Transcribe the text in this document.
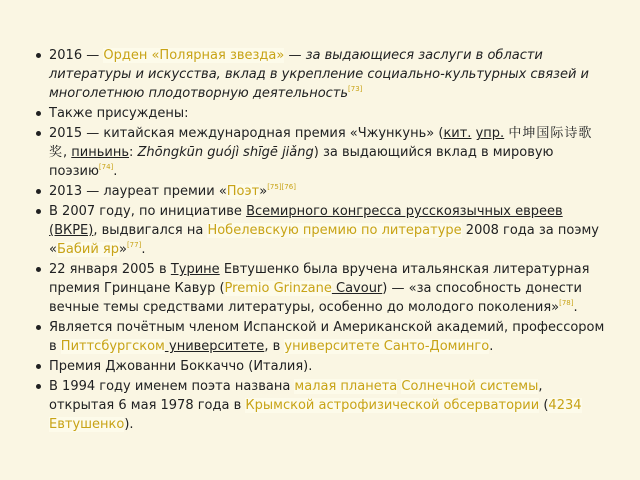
2016 — Орден «Полярная звезда» — за выдающиеся заслуги в области литературы и искусства, вклад в укрепление социально-культурных связей и многолетнюю плодотворную деятельность[73]
Также присуждены:
2015 — китайская международная премия «Чжункунь» (кит. упр. 中坤国际诗歌奖, пиньинь: Zhōngkūn guójì shīgē jiǎng) за выдающийся вклад в мировую поэзию[74].
2013 — лауреат премии «Поэт»[75][76]
В 2007 году, по инициативе Всемирного конгресса русскоязычных евреев (ВКРЕ), выдвигался на Нобелевскую премию по литературе 2008 года за поэму «Бабий яр»[77].
22 января 2005 в Турине Евтушенко была вручена итальянская литературная премия Гринцане Кавур (Premio Grinzane Cavour) — «за способность донести вечные темы средствами литературы, особенно до молодого поколения»[78].
Является почётным членом Испанской и Американской академий, профессором в Питтсбургском университете, в университете Санто-Доминго.
Премия Джованни Боккаччо (Италия).
В 1994 году именем поэта названа малая планета Солнечной системы, открытая 6 мая 1978 года в Крымской астрофизической обсерватории (4234 Евтушенко).
